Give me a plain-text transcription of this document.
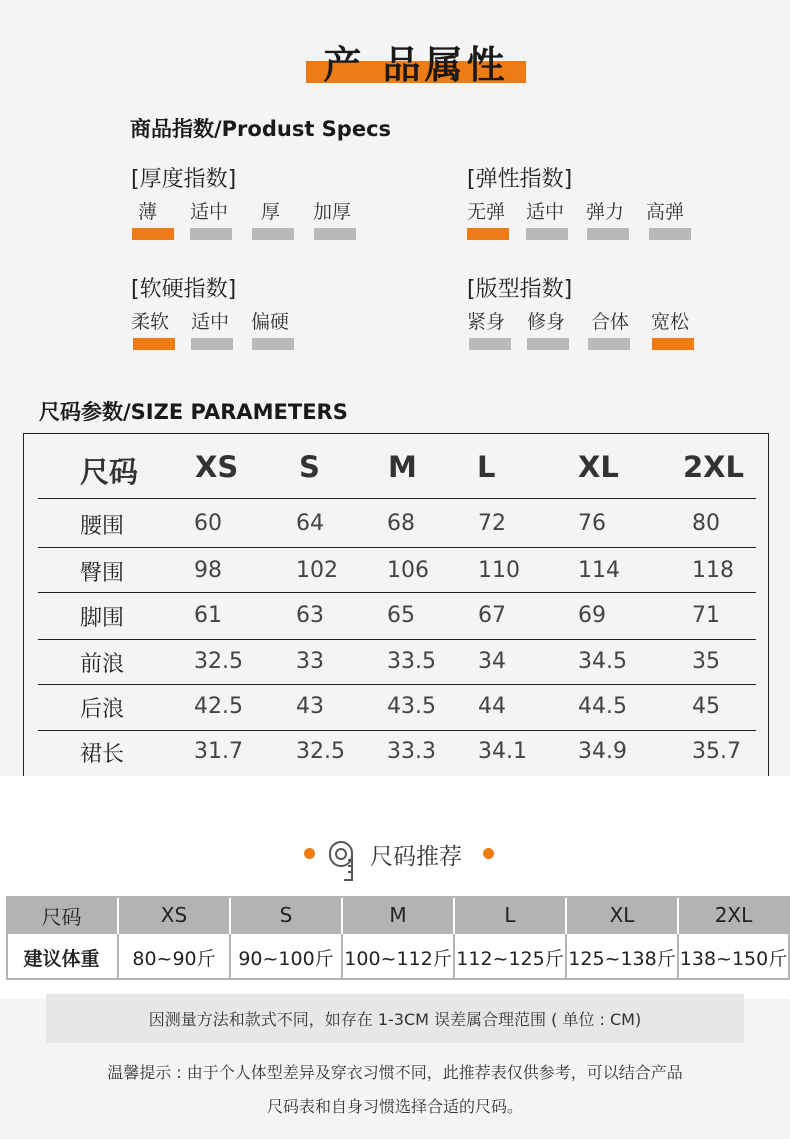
产 品属性
商品指数/Produst Specs
[厚度指数]
薄 适中 厚 加厚
[弹性指数]
无弹 适中 弹力 高弹
[软硬指数]
柔软 适中 偏硬
[版型指数]
紧身 修身 合体 宽松
尺码参数/SIZE PARAMETERS
尺码 XS S M L	XL 2XL
腰围	60	64	68	72	76	80
臀围	98	102 106 110	114	118
脚围	61	63	65	67	69	71
前浪	32.5 33	33.5 34	34.5	35
后浪	42.5 43	43.5 44	44.5	45
裙长	31.7 32.5 33.3 34.1 34.9	35.7
尺码推荐
尺码	XS	S	M	L	XL	2XL
建议体重	80~90斤	90~100斤 100~112斤 112~125斤 125~138斤 138~150斤
因测量方法和款式不同，如存在 1-3CM 误差属合理范围 ( 单位 : CM)
温馨提示 : 由于个人体型差异及穿衣习惯不同，此推荐表仅供参考，可以结合产品
尺码表和自身习惯选择合适的尺码。
